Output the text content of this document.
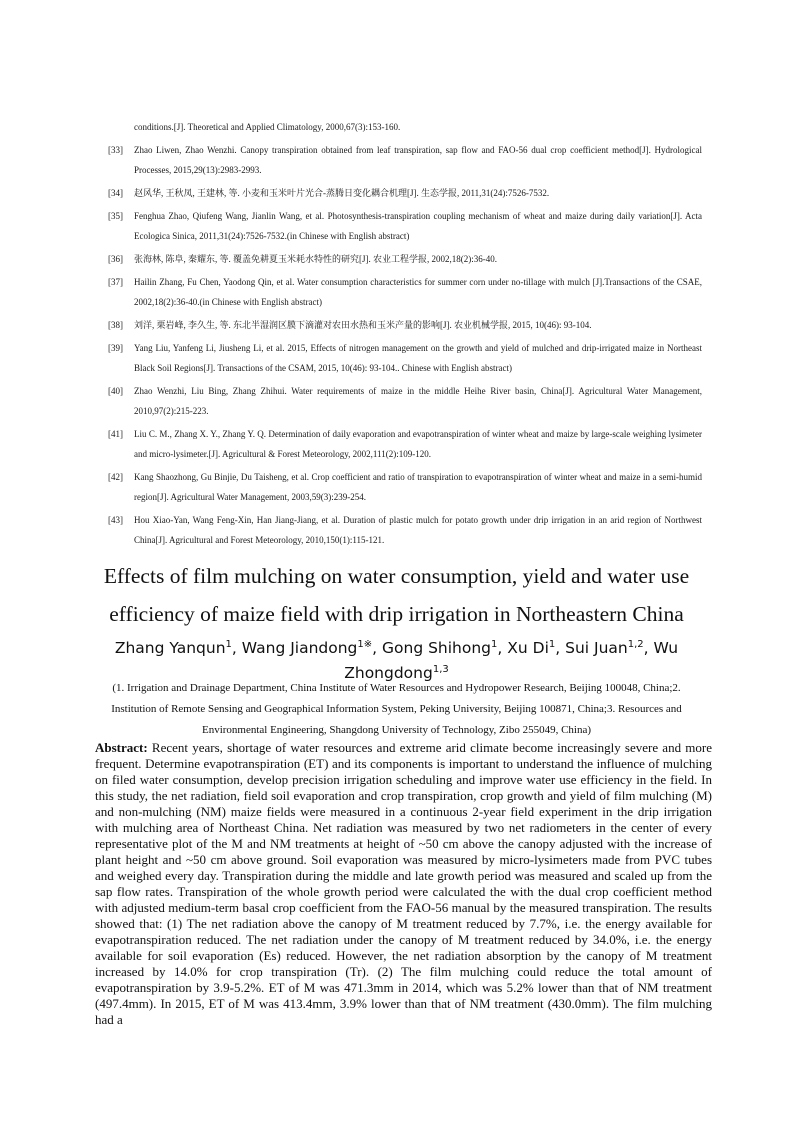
conditions.[J]. Theoretical and Applied Climatology, 2000,67(3):153-160.
[33] Zhao Liwen, Zhao Wenzhi. Canopy transpiration obtained from leaf transpiration, sap flow and FAO-56 dual crop coefficient method[J]. Hydrological Processes, 2015,29(13):2983-2993.
[34] 赵风华, 王秋凤, 王建林, 等. 小麦和玉米叶片光合-蒸腾日变化耦合机理[J]. 生态学报, 2011,31(24):7526-7532.
[35] Fenghua Zhao, Qiufeng Wang, Jianlin Wang, et al. Photosynthesis-transpiration coupling mechanism of wheat and maize during daily variation[J]. Acta Ecologica Sinica, 2011,31(24):7526-7532.(in Chinese with English abstract)
[36] 张海林, 陈阜, 秦耀东, 等. 覆盖免耕夏玉米耗水特性的研究[J]. 农业工程学报, 2002,18(2):36-40.
[37] Hailin Zhang, Fu Chen, Yaodong Qin, et al. Water consumption characteristics for summer corn under no-tillage with mulch [J].Transactions of the CSAE, 2002,18(2):36-40.(in Chinese with English abstract)
[38] 刘洋, 栗岩峰, 李久生, 等. 东北半湿润区膜下滴灌对农田水热和玉米产量的影响[J]. 农业机械学报, 2015, 10(46): 93-104.
[39] Yang Liu, Yanfeng Li, Jiusheng Li, et al. 2015, Effects of nitrogen management on the growth and yield of mulched and drip-irrigated maize in Northeast Black Soil Regions[J]. Transactions of the CSAM, 2015, 10(46): 93-104.. Chinese with English abstract)
[40] Zhao Wenzhi, Liu Bing, Zhang Zhihui. Water requirements of maize in the middle Heihe River basin, China[J]. Agricultural Water Management, 2010,97(2):215-223.
[41] Liu C. M., Zhang X. Y., Zhang Y. Q. Determination of daily evaporation and evapotranspiration of winter wheat and maize by large-scale weighing lysimeter and micro-lysimeter.[J]. Agricultural & Forest Meteorology, 2002,111(2):109-120.
[42] Kang Shaozhong, Gu Binjie, Du Taisheng, et al. Crop coefficient and ratio of transpiration to evapotranspiration of winter wheat and maize in a semi-humid region[J]. Agricultural Water Management, 2003,59(3):239-254.
[43] Hou Xiao-Yan, Wang Feng-Xin, Han Jiang-Jiang, et al. Duration of plastic mulch for potato growth under drip irrigation in an arid region of Northwest China[J]. Agricultural and Forest Meteorology, 2010,150(1):115-121.
Effects of film mulching on water consumption, yield and water use
efficiency of maize field with drip irrigation in Northeastern China
Zhang Yanqun$^1$, Wang Jiandong$^{1※}$, Gong Shihong$^1$, Xu Di$^1$, Sui Juan$^{1,2}$, Wu Zhongdong$^{1,3}$
(1. Irrigation and Drainage Department, China Institute of Water Resources and Hydropower Research, Beijing 100048, China;2. Institution of Remote Sensing and Geographical Information System, Peking University, Beijing 100871, China;3. Resources and Environmental Engineering, Shangdong University of Technology, Zibo 255049, China)
Abstract: Recent years, shortage of water resources and extreme arid climate become increasingly severe and more frequent. Determine evapotranspiration (ET) and its components is important to understand the influence of mulching on filed water consumption, develop precision irrigation scheduling and improve water use efficiency in the field. In this study, the net radiation, field soil evaporation and crop transpiration, crop growth and yield of film mulching (M) and non-mulching (NM) maize fields were measured in a continuous 2-year field experiment in the drip irrigation with mulching area of Northeast China. Net radiation was measured by two net radiometers in the center of every representative plot of the M and NM treatments at height of ~50 cm above the canopy adjusted with the increase of plant height and ~50 cm above ground. Soil evaporation was measured by micro-lysimeters made from PVC tubes and weighed every day. Transpiration during the middle and late growth period was measured and scaled up from the sap flow rates. Transpiration of the whole growth period were calculated the with the dual crop coefficient method with adjusted medium-term basal crop coefficient from the FAO-56 manual by the measured transpiration. The results showed that: (1) The net radiation above the canopy of M treatment reduced by 7.7%, i.e. the energy available for evapotranspiration reduced. The net radiation under the canopy of M treatment reduced by 34.0%, i.e. the energy available for soil evaporation (Es) reduced. However, the net radiation absorption by the canopy of M treatment increased by 14.0% for crop transpiration (Tr). (2) The film mulching could reduce the total amount of evapotranspiration by 3.9-5.2%. ET of M was 471.3mm in 2014, which was 5.2% lower than that of NM treatment (497.4mm). In 2015, ET of M was 413.4mm, 3.9% lower than that of NM treatment (430.0mm). The film mulching had a
